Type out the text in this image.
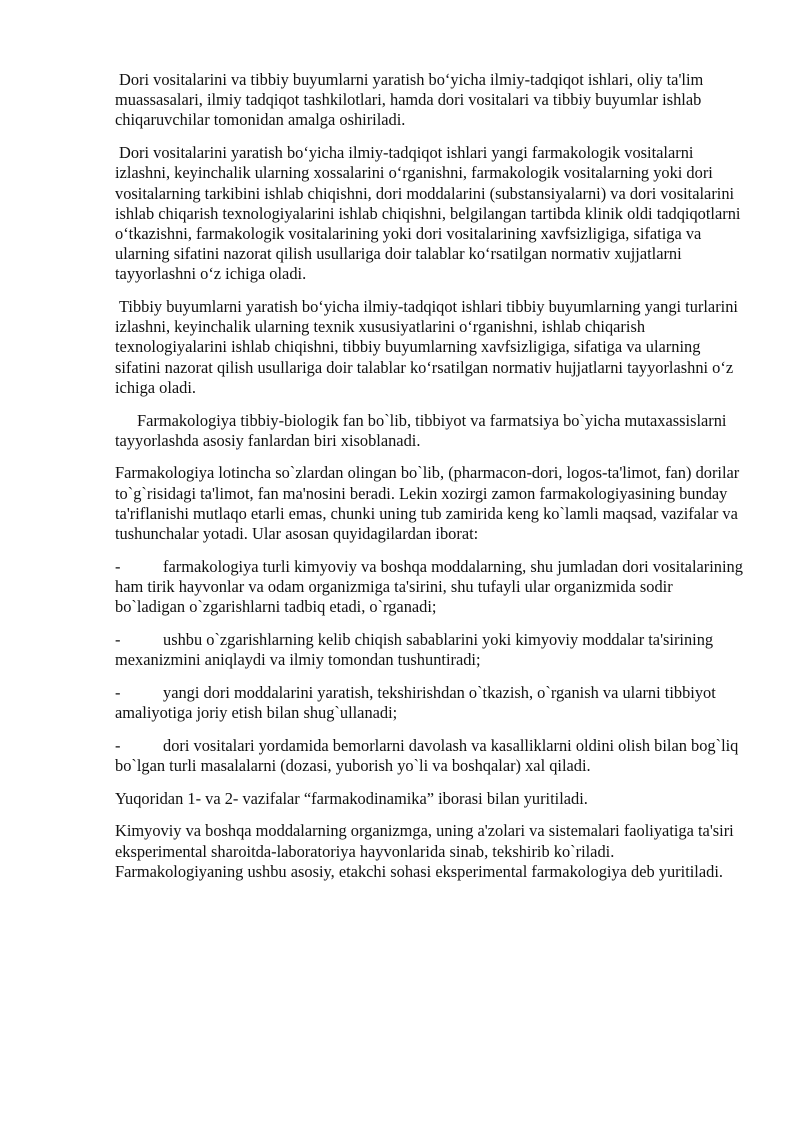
Dori vositalarini va tibbiy buyumlarni yaratish boʻyicha ilmiy-tadqiqot ishlari, oliy ta'lim muassasalari, ilmiy tadqiqot tashkilotlari, hamda dori vositalari va tibbiy buyumlar ishlab chiqaruvchilar tomonidan amalga oshiriladi.

Dori vositalarini yaratish boʻyicha ilmiy-tadqiqot ishlari yangi farmakologik vositalarni izlashni, keyinchalik ularning xossalarini oʻrganishni, farmakologik vositalarning yoki dori vositalarning tarkibini ishlab chiqishni, dori moddalarini (substansiyalarni) va dori vositalarini ishlab chiqarish texnologiyalarini ishlab chiqishni, belgilangan tartibda klinik oldi tadqiqotlarni oʻtkazishni, farmakologik vositalarining yoki dori vositalarining xavfsizligiga, sifatiga va ularning sifatini nazorat qilish usullariga doir talablar koʻrsatilgan normativ xujjatlarni tayyorlashni oʻz ichiga oladi.

Tibbiy buyumlarni yaratish boʻyicha ilmiy-tadqiqot ishlari tibbiy buyumlarning yangi turlarini izlashni, keyinchalik ularning texnik xususiyatlarini oʻrganishni, ishlab chiqarish texnologiyalarini ishlab chiqishni, tibbiy buyumlarning xavfsizligiga, sifatiga va ularning sifatini nazorat qilish usullariga doir talablar koʻrsatilgan normativ hujjatlarni tayyorlashni oʻz ichiga oladi.

Farmakologiya tibbiy-biologik fan bo`lib, tibbiyot va farmatsiya bo`yicha mutaxassislarni tayyorlashda asosiy fanlardan biri xisoblanadi.

Farmakologiya lotincha so`zlardan olingan bo`lib, (pharmacon-dori, logos-ta'limot, fan) dorilar to`g`risidagi ta'limot, fan ma'nosini beradi. Lekin xozirgi zamon farmakologiyasining bunday ta'riflanishi mutlaqo etarli emas, chunki uning tub zamirida keng ko`lamli maqsad, vazifalar va tushunchalar yotadi. Ular asosan quyidagilardan iborat:

-	farmakologiya turli kimyoviy va boshqa moddalarning, shu jumladan dori vositalarining ham tirik hayvonlar va odam organizmiga ta'sirini, shu tufayli ular organizmida sodir bo`ladigan o`zgarishlarni tadbiq etadi, o`rganadi;

-	ushbu o`zgarishlarning kelib chiqish sabablarini yoki kimyoviy moddalar ta'sirining mexanizmini aniqlaydi va ilmiy tomondan tushuntiradi;

-	yangi dori moddalarini yaratish, tekshirishdan o`tkazish, o`rganish va ularni tibbiyot amaliyotiga joriy etish bilan shug`ullanadi;

-	dori vositalari yordamida bemorlarni davolash va kasalliklarni oldini olish bilan bog`liq bo`lgan turli masalalarni (dozasi, yuborish yo`li va boshqalar) xal qiladi.

Yuqoridan 1- va 2- vazifalar “farmakodinamika” iborasi bilan yuritiladi.

Kimyoviy va boshqa moddalarning organizmga, uning a'zolari va sistemalari faoliyatiga ta'siri eksperimental sharoitda-laboratoriya hayvonlarida sinab, tekshirib ko`riladi. Farmakologiyaning ushbu asosiy, etakchi sohasi eksperimental farmakologiya deb yuritiladi.
